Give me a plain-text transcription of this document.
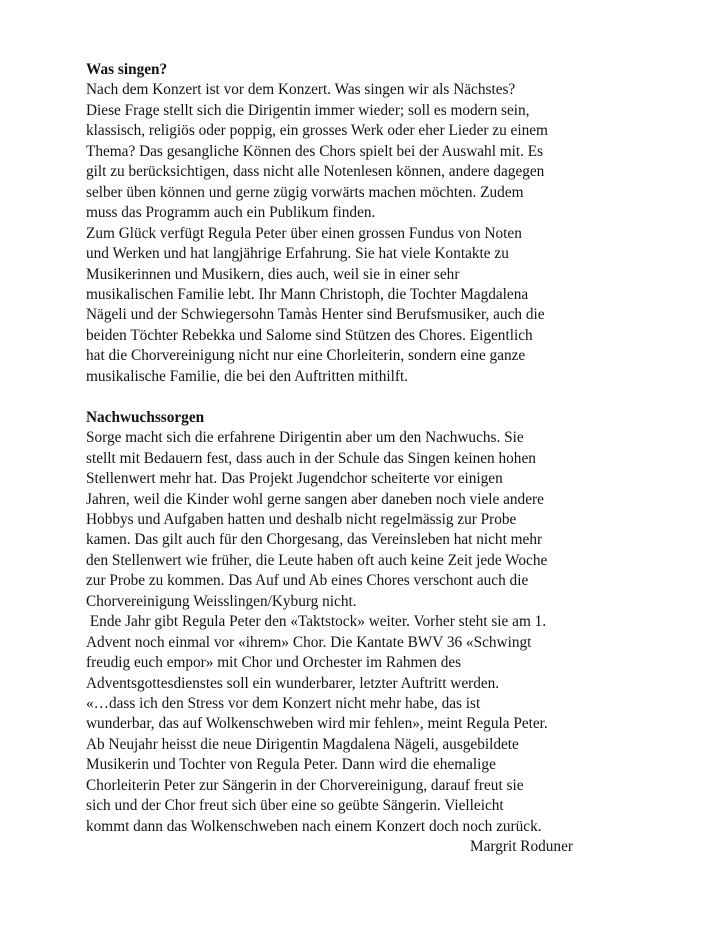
Was singen?
Nach dem Konzert ist vor dem Konzert. Was singen wir als Nächstes?
Diese Frage stellt sich die Dirigentin immer wieder; soll es modern sein,
klassisch, religiös oder poppig, ein grosses Werk oder eher Lieder zu einem
Thema? Das gesangliche Können des Chors spielt bei der Auswahl mit. Es
gilt zu berücksichtigen, dass nicht alle Notenlesen können, andere dagegen
selber üben können und gerne zügig vorwärts machen möchten. Zudem
muss das Programm auch ein Publikum finden.
Zum Glück verfügt Regula Peter über einen grossen Fundus von Noten
und Werken und hat langjährige Erfahrung. Sie hat viele Kontakte zu
Musikerinnen und Musikern, dies auch, weil sie in einer sehr
musikalischen Familie lebt. Ihr Mann Christoph, die Tochter Magdalena
Nägeli und der Schwiegersohn Tamàs Henter sind Berufsmusiker, auch die
beiden Töchter Rebekka und Salome sind Stützen des Chores. Eigentlich
hat die Chorvereinigung nicht nur eine Chorleiterin, sondern eine ganze
musikalische Familie, die bei den Auftritten mithilft.
Nachwuchssorgen
Sorge macht sich die erfahrene Dirigentin aber um den Nachwuchs. Sie
stellt mit Bedauern fest, dass auch in der Schule das Singen keinen hohen
Stellenwert mehr hat. Das Projekt Jugendchor scheiterte vor einigen
Jahren, weil die Kinder wohl gerne sangen aber daneben noch viele andere
Hobbys und Aufgaben hatten und deshalb nicht regelmässig zur Probe
kamen. Das gilt auch für den Chorgesang, das Vereinsleben hat nicht mehr
den Stellenwert wie früher, die Leute haben oft auch keine Zeit jede Woche
zur Probe zu kommen. Das Auf und Ab eines Chores verschont auch die
Chorvereinigung Weisslingen/Kyburg nicht.
Ende Jahr gibt Regula Peter den «Taktstock» weiter. Vorher steht sie am 1.
Advent noch einmal vor «ihrem» Chor. Die Kantate BWV 36 «Schwingt
freudig euch empor» mit Chor und Orchester im Rahmen des
Adventsgottesdienstes soll ein wunderbarer, letzter Auftritt werden.
«…dass ich den Stress vor dem Konzert nicht mehr habe, das ist
wunderbar, das auf Wolkenschweben wird mir fehlen», meint Regula Peter.
Ab Neujahr heisst die neue Dirigentin Magdalena Nägeli, ausgebildete
Musikerin und Tochter von Regula Peter. Dann wird die ehemalige
Chorleiterin Peter zur Sängerin in der Chorvereinigung, darauf freut sie
sich und der Chor freut sich über eine so geübte Sängerin. Vielleicht
kommt dann das Wolkenschweben nach einem Konzert doch noch zurück.
Margrit Roduner
